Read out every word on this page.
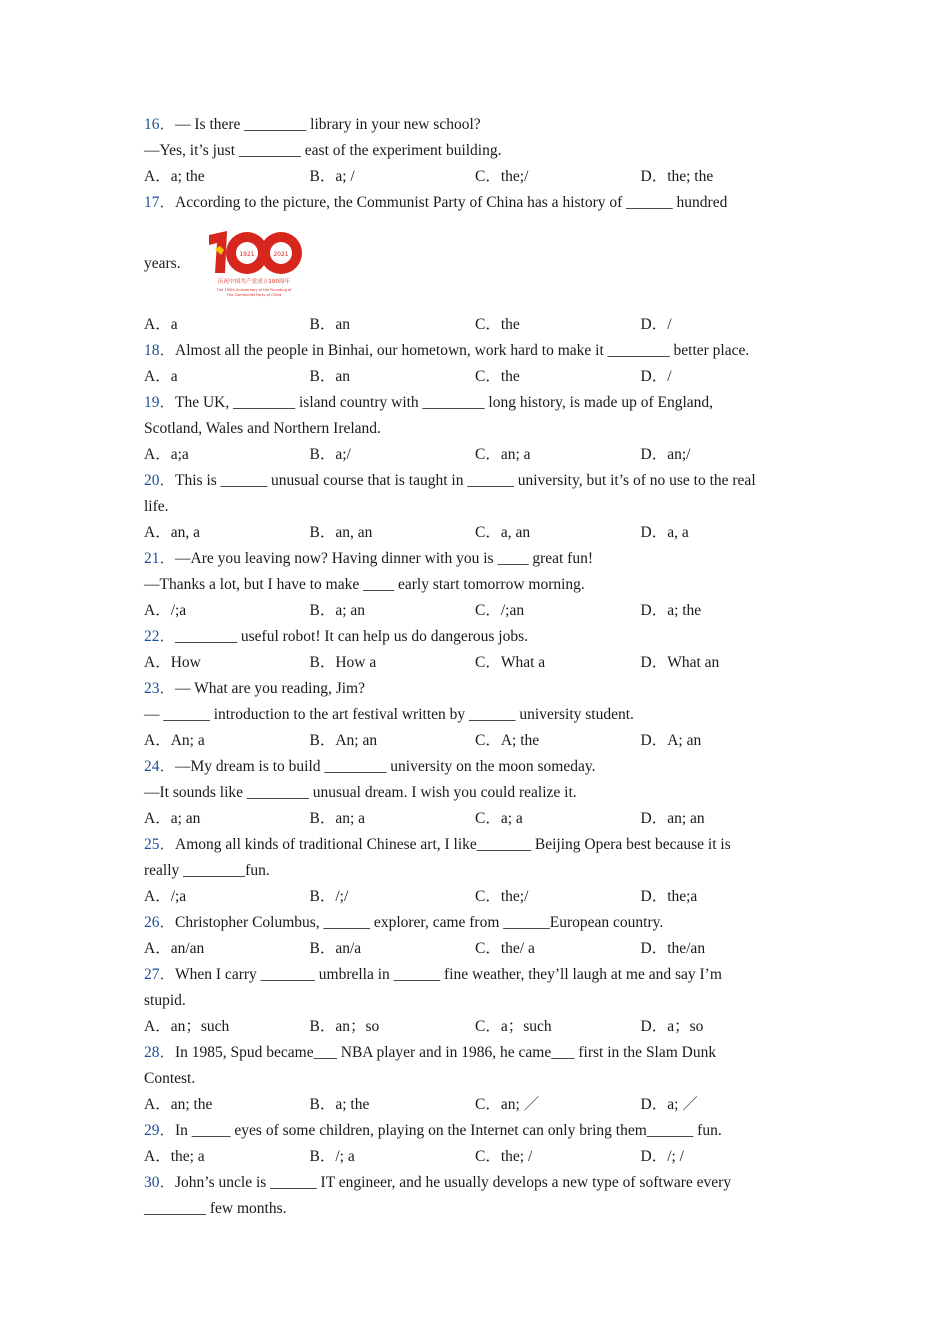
16．— Is there ________ library in your new school?
—Yes, it’s just ________ east of the experiment building.
A．a; the	B．a; /	C．the;/	D．the; the
17．According to the picture, the Communist Party of China has a history of ______ hundred
years.
1921	2021
庆祝中国共产党成立100周年
The 100th Anniversary of the Founding of
The Communist Party of China
A．a	B．an	C．the	D．/
18．Almost all the people in Binhai, our hometown, work hard to make it ________ better place.
A．a	B．an	C．the	D．/
19．The UK, ________ island country with ________ long history, is made up of England,
Scotland, Wales and Northern Ireland.
A．a;a	B．a;/	C．an; a	D．an;/
20．This is ______ unusual course that is taught in ______ university, but it’s of no use to the real
life.
A．an, a	B．an, an	C．a, an	D．a, a
21．—Are you leaving now? Having dinner with you is ____ great fun!
—Thanks a lot, but I have to make ____ early start tomorrow morning.
A．/;a	B．a; an	C．/;an	D．a; the
22．________ useful robot! It can help us do dangerous jobs.
A．How	B．How a	C．What a	D．What an
23．— What are you reading, Jim?
— ______ introduction to the art festival written by ______ university student.
A．An; a	B．An; an	C．A; the	D．A; an
24．—My dream is to build ________ university on the moon someday.
—It sounds like ________ unusual dream. I wish you could realize it.
A．a; an	B．an; a	C．a; a	D．an; an
25．Among all kinds of traditional Chinese art, I like_______ Beijing Opera best because it is
really ________fun.
A．/;a	B．/;/	C．the;/	D．the;a
26．Christopher Columbus, ______ explorer, came from ______European country.
A．an/an	B．an/a	C．the/ a	D．the/an
27．When I carry _______ umbrella in ______ fine weather, they’ll laugh at me and say I’m
stupid.
A．an；such	B．an；so	C．a；such	D．a；so
28．In 1985, Spud became___ NBA player and in 1986, he came___ first in the Slam Dunk
Contest.
A．an; the	B．a; the	C．an; ／	D．a; ／
29．In _____ eyes of some children, playing on the Internet can only bring them______ fun.
A．the; a	B．/; a	C．the; /	D．/; /
30．John’s uncle is ______ IT engineer, and he usually develops a new type of software every
________ few months.
